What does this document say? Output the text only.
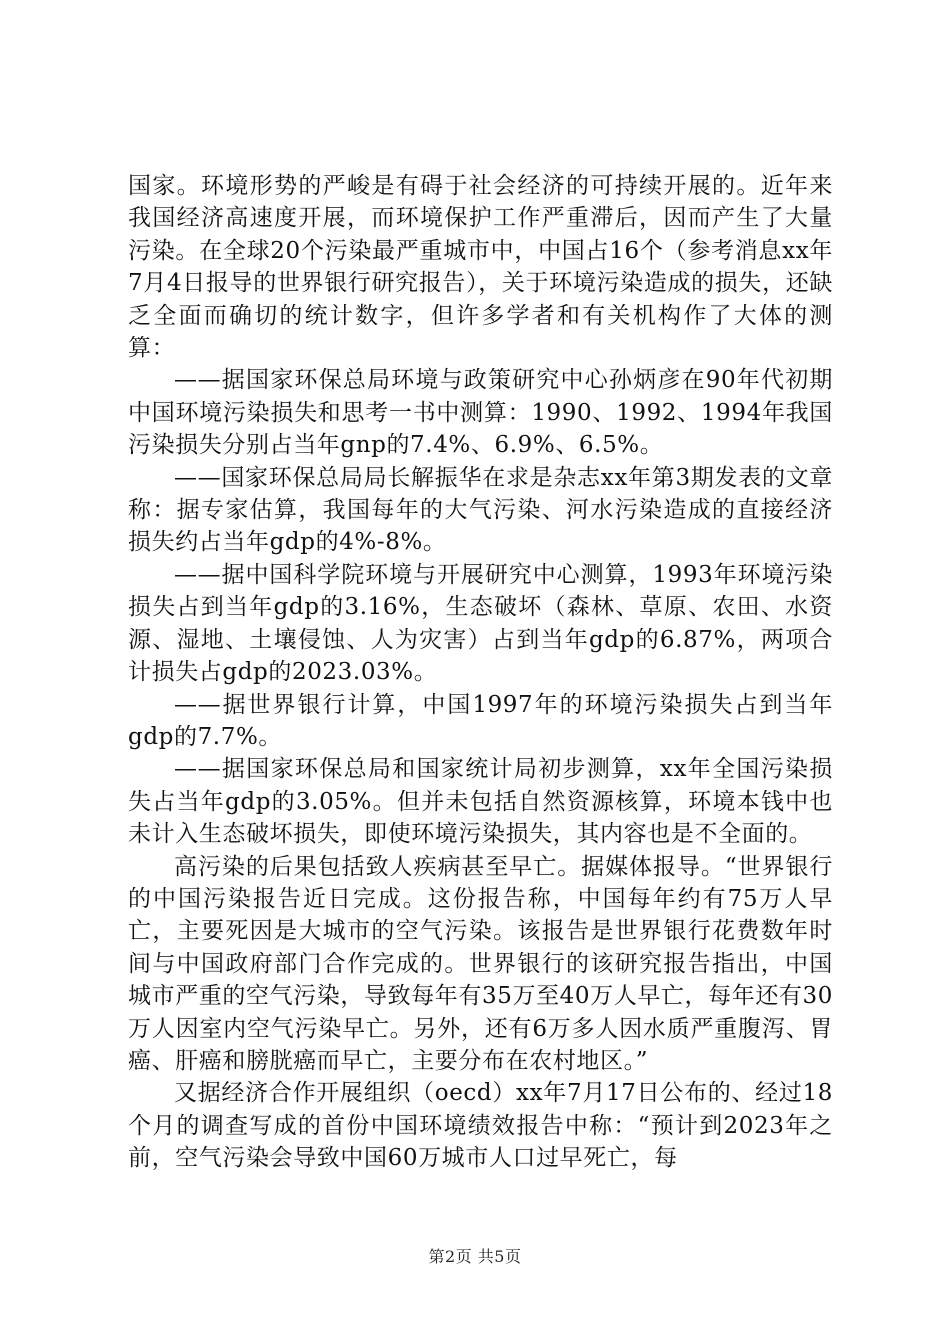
国家。环境形势的严峻是有碍于社会经济的可持续开展的。近年来我国经济高速度开展，而环境保护工作严重滞后，因而产生了大量污染。在全球20个污染最严重城市中，中国占16个（参考消息xx年7月4日报导的世界银行研究报告），关于环境污染造成的损失，还缺乏全面而确切的统计数字，但许多学者和有关机构作了大体的测算：

——据国家环保总局环境与政策研究中心孙炳彦在90年代初期中国环境污染损失和思考一书中测算：1990、1992、1994年我国污染损失分别占当年gnp的7.4%、6.9%、6.5%。

——国家环保总局局长解振华在求是杂志xx年第3期发表的文章称：据专家估算，我国每年的大气污染、河水污染造成的直接经济损失约占当年gdp的4%-8%。

——据中国科学院环境与开展研究中心测算，1993年环境污染损失占到当年gdp的3.16%，生态破坏（森林、草原、农田、水资源、湿地、土壤侵蚀、人为灾害）占到当年gdp的6.87%，两项合计损失占gdp的2023.03%。

——据世界银行计算，中国1997年的环境污染损失占到当年gdp的7.7%。

——据国家环保总局和国家统计局初步测算，xx年全国污染损失占当年gdp的3.05%。但并未包括自然资源核算，环境本钱中也未计入生态破坏损失，即使环境污染损失，其内容也是不全面的。

高污染的后果包括致人疾病甚至早亡。据媒体报导。“世界银行的中国污染报告近日完成。这份报告称，中国每年约有75万人早亡，主要死因是大城市的空气污染。该报告是世界银行花费数年时间与中国政府部门合作完成的。世界银行的该研究报告指出，中国城市严重的空气污染，导致每年有35万至40万人早亡，每年还有30万人因室内空气污染早亡。另外，还有6万多人因水质严重腹泻、胃癌、肝癌和膀胱癌而早亡，主要分布在农村地区。”

又据经济合作开展组织（oecd）xx年7月17日公布的、经过18个月的调查写成的首份中国环境绩效报告中称：“预计到2023年之前，空气污染会导致中国60万城市人口过早死亡，每

第2页 共5页
